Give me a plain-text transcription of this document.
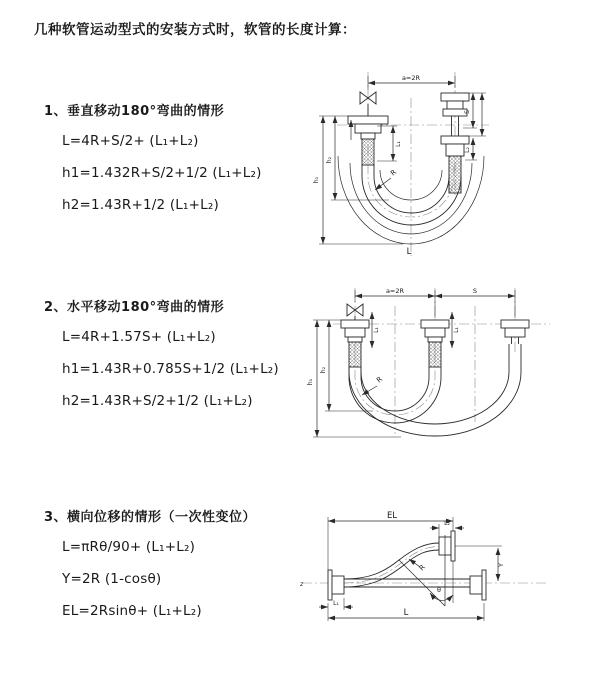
几种软管运动型式的安装方式时，软管的长度计算：
1、垂直移动180°弯曲的情形

L=4R+S/2+ (L₁+L₂)

h1=1.432R+S/2+1/2 (L₁+L₂)

h2=1.43R+1/2 (L₁+L₂)

2、水平移动180°弯曲的情形

L=4R+1.57S+ (L₁+L₂)

h1=1.43R+0.785S+1/2 (L₁+L₂)

h2=1.43R+S/2+1/2 (L₁+L₂)

3、横向位移的情形（一次性变位）

L=πRθ/90+ (L₁+L₂)

Y=2R (1-cosθ)

EL=2Rsinθ+ (L₁+L₂)

a=2R
L₁
S
L₂
h₁
h₂
R
L
a=2R	S
L₁	L₁
h₁
h₂
R
z
EL
L₂
Y
L
L₁
θ
R
